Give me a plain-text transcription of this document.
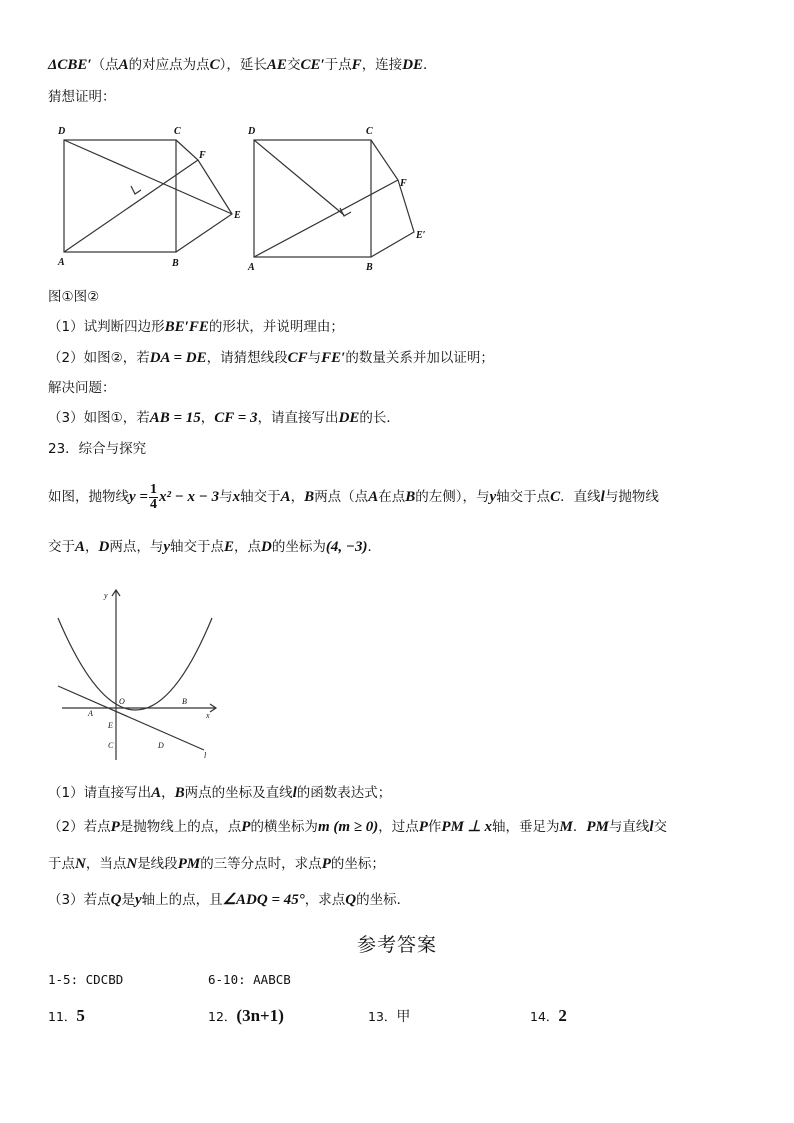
ΔCBE′（点A的对应点为点C），延长AE交CE′于点F，连接DE．
猜想证明：
D	C
F
E
A	B
D	C
F
E′
A	B
图①图②
（1）试判断四边形BE′FE的形状，并说明理由；
（2）如图②，若DA = DE，请猜想线段CF与FE′的数量关系并加以证明；
解决问题：
（3）如图①，若AB = 15，CF = 3，请直接写出DE的长．
23．综合与探究
如图，抛物线$y = \frac{1}{4} x^2 - x - 3$与x轴交于A，B两点（点A在点B的左侧），与y轴交于点C．直线l与抛物线
交于A，D两点，与y轴交于点E，点D的坐标为(4, −3)．
y
O
A
B
x
E
C	D
l
（1）请直接写出A，B两点的坐标及直线l的函数表达式；
（2）若点P是抛物线上的点，点P的横坐标为m (m ≥ 0)，过点P作PM ⊥ x轴，垂足为M．PM与直线l交
于点N，当点N是线段PM的三等分点时，求点P的坐标；
（3）若点Q是y轴上的点，且∠ADQ = 45°，求点Q的坐标．
参考答案
1-5: CDCBD	6-10: AABCB
11．5	12．(3n+1)	13．甲	14．2
